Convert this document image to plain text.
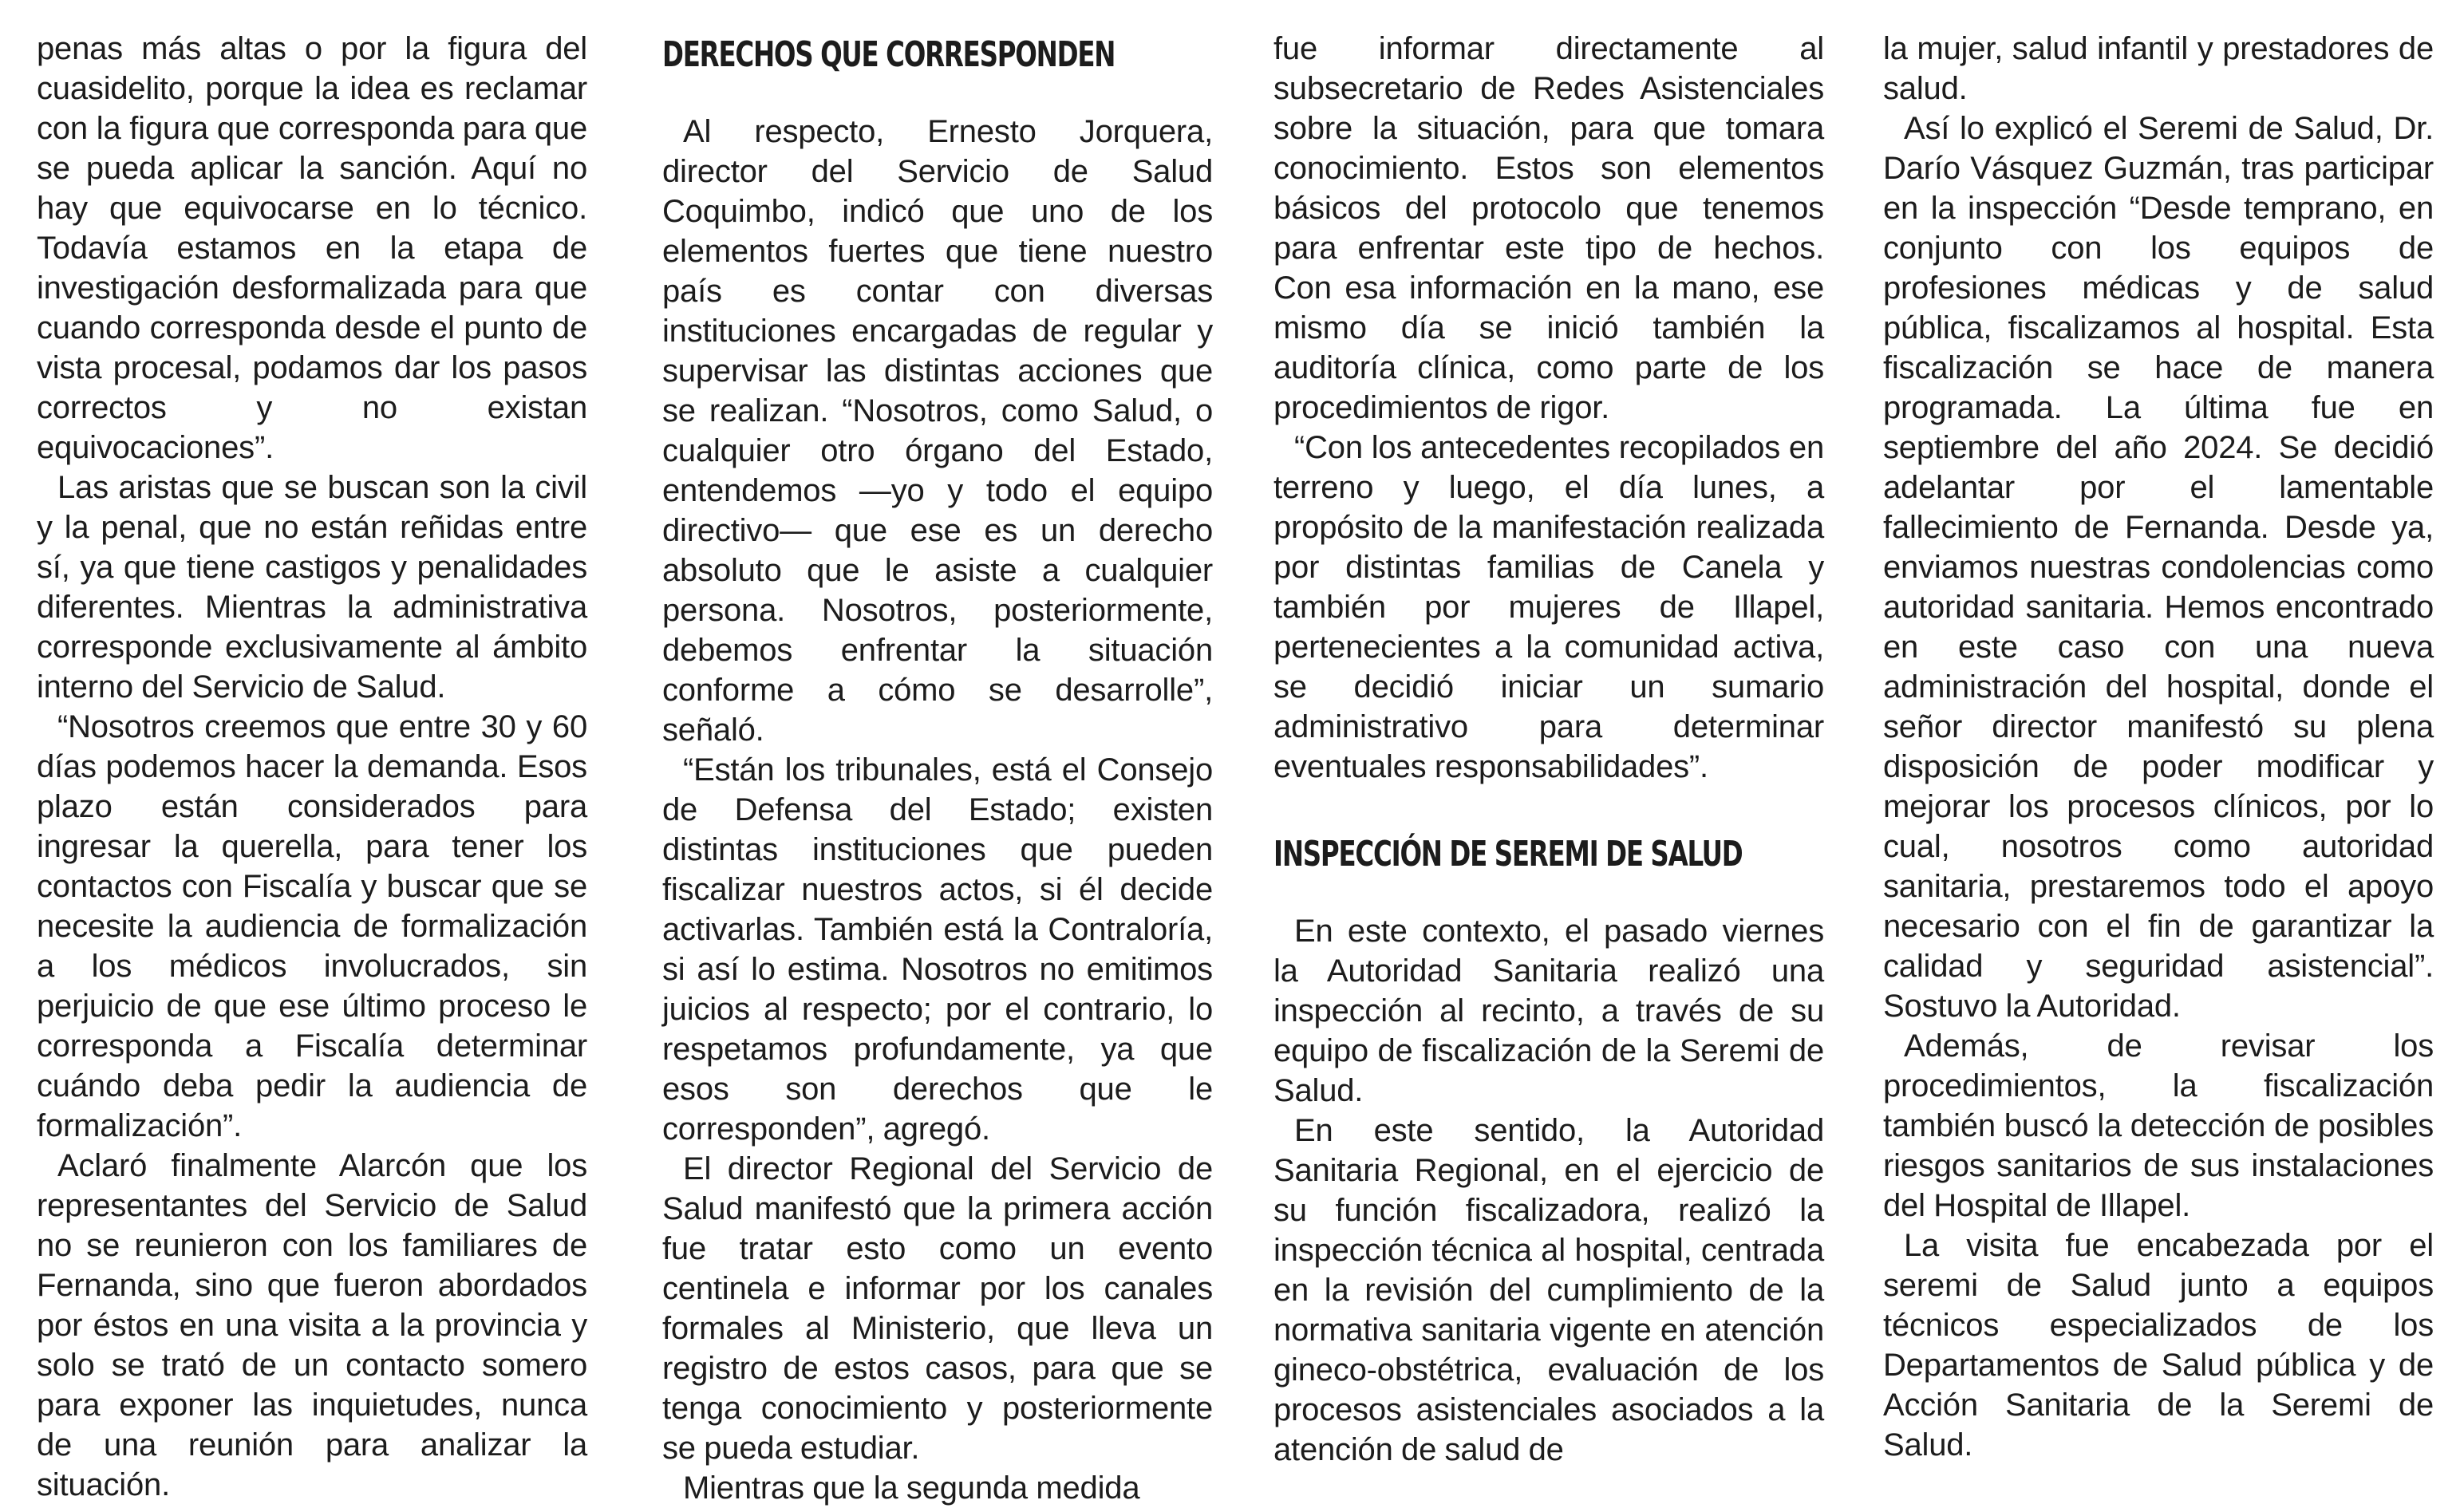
penas más altas o por la figura del cuasidelito, porque la idea es reclamar con la figura que corresponda para que se pueda aplicar la sanción. Aquí no hay que equivocarse en lo técnico. Todavía estamos en la etapa de investigación desformalizada para que cuando corresponda desde el punto de vista procesal, podamos dar los pasos correctos y no existan equivocaciones”.

Las aristas que se buscan son la civil y la penal, que no están reñidas entre sí, ya que tiene castigos y penalidades diferentes. Mientras la administrativa corresponde exclusivamente al ámbito interno del Servicio de Salud.

“Nosotros creemos que entre 30 y 60 días podemos hacer la demanda. Esos plazo están considerados para ingresar la querella, para tener los contactos con Fiscalía y buscar que se necesite la audiencia de formalización a los médicos involucrados, sin perjuicio de que ese último proceso le corresponda a Fiscalía determinar cuándo deba pedir la audiencia de formalización”.

Aclaró finalmente Alarcón que los representantes del Servicio de Salud no se reunieron con los familiares de Fernanda, sino que fueron abordados por éstos en una visita a la provincia y solo se trató de un contacto somero para exponer las inquietudes, nunca de una reunión para analizar la situación.

DERECHOS QUE CORRESPONDEN

Al respecto, Ernesto Jorquera, director del Servicio de Salud Coquimbo, indicó que uno de los elementos fuertes que tiene nuestro país es contar con diversas instituciones encargadas de regular y supervisar las distintas acciones que se realizan. “Nosotros, como Salud, o cualquier otro órgano del Estado, entendemos —yo y todo el equipo directivo— que ese es un derecho absoluto que le asiste a cualquier persona. Nosotros, posteriormente, debemos enfrentar la situación conforme a cómo se desarrolle”, señaló.

“Están los tribunales, está el Consejo de Defensa del Estado; existen distintas instituciones que pueden fiscalizar nuestros actos, si él decide activarlas. También está la Contraloría, si así lo estima. Nosotros no emitimos juicios al respecto; por el contrario, lo respetamos profundamente, ya que esos son derechos que le corresponden”, agregó.

El director Regional del Servicio de Salud manifestó que la primera acción fue tratar esto como un evento centinela e informar por los canales formales al Ministerio, que lleva un registro de estos casos, para que se tenga conocimiento y posteriormente se pueda estudiar.

Mientras que la segunda medida

fue informar directamente al subsecretario de Redes Asistenciales sobre la situación, para que tomara conocimiento. Estos son elementos básicos del protocolo que tenemos para enfrentar este tipo de hechos. Con esa información en la mano, ese mismo día se inició también la auditoría clínica, como parte de los procedimientos de rigor.

“Con los antecedentes recopilados en terreno y luego, el día lunes, a propósito de la manifestación realizada por distintas familias de Canela y también por mujeres de Illapel, pertenecientes a la comunidad activa, se decidió iniciar un sumario administrativo para determinar eventuales responsabilidades”.

INSPECCIÓN DE SEREMI DE SALUD

En este contexto, el pasado viernes la Autoridad Sanitaria realizó una inspección al recinto, a través de su equipo de fiscalización de la Seremi de Salud.

En este sentido, la Autoridad Sanitaria Regional, en el ejercicio de su función fiscalizadora, realizó la inspección técnica al hospital, centrada en la revisión del cumplimiento de la normativa sanitaria vigente en atención gineco-obstétrica, evaluación de los procesos asistenciales asociados a la atención de salud de

la mujer, salud infantil y prestadores de salud.

Así lo explicó el Seremi de Salud, Dr. Darío Vásquez Guzmán, tras participar en la inspección “Desde temprano, en conjunto con los equipos de profesiones médicas y de salud pública, fiscalizamos al hospital. Esta fiscalización se hace de manera programada. La última fue en septiembre del año 2024. Se decidió adelantar por el lamentable fallecimiento de Fernanda. Desde ya, enviamos nuestras condolencias como autoridad sanitaria. Hemos encontrado en este caso con una nueva administración del hospital, donde el señor director manifestó su plena disposición de poder modificar y mejorar los procesos clínicos, por lo cual, nosotros como autoridad sanitaria, prestaremos todo el apoyo necesario con el fin de garantizar la calidad y seguridad asistencial”. Sostuvo la Autoridad.

Además, de revisar los procedimientos, la fiscalización también buscó la detección de posibles riesgos sanitarios de sus instalaciones del Hospital de Illapel.

La visita fue encabezada por el seremi de Salud junto a equipos técnicos especializados de los Departamentos de Salud pública y de Acción Sanitaria de la Seremi de Salud.
